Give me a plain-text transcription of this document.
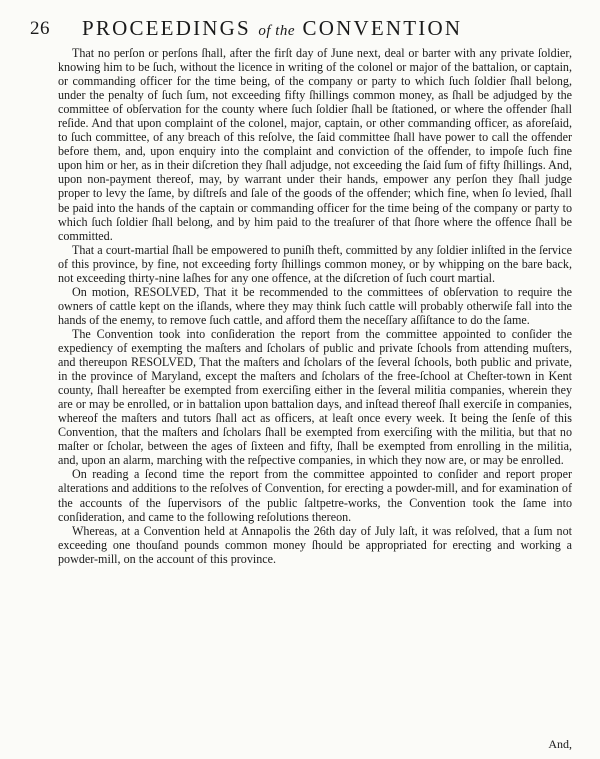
26 PROCEEDINGS of the CONVENTION

That no perſon or perſons ſhall, after the firſt day of June next, deal or barter with any private ſoldier, knowing him to be ſuch, without the licence in writing of the colonel or major of the battalion, or captain, or commanding officer for the time being, of the company or party to which ſuch ſoldier ſhall belong, under the penalty of ſuch ſum, not exceeding fifty ſhillings common money, as ſhall be adjudged by the committee of obſervation for the county where ſuch ſoldier ſhall be ſtationed, or where the offender ſhall reſide. And that upon complaint of the colonel, major, captain, or other commanding officer, as aforeſaid, to ſuch committee, of any breach of this reſolve, the ſaid committee ſhall have power to call the offender before them, and, upon enquiry into the complaint and conviction of the offender, to impoſe ſuch fine upon him or her, as in their diſcretion they ſhall adjudge, not exceeding the ſaid ſum of fifty ſhillings. And, upon non-payment thereof, may, by warrant under their hands, empower any perſon they ſhall judge proper to levy the ſame, by diſtreſs and ſale of the goods of the offender; which fine, when ſo levied, ſhall be paid into the hands of the captain or commanding officer for the time being of the company or party to which ſuch ſoldier ſhall belong, and by him paid to the treaſurer of that ſhore where the offence ſhall be committed.

That a court-martial ſhall be empowered to puniſh theft, committed by any ſoldier inliſted in the ſervice of this province, by fine, not exceeding forty ſhillings common money, or by whipping on the bare back, not exceeding thirty-nine laſhes for any one offence, at the diſcretion of ſuch court martial.

On motion, RESOLVED, That it be recommended to the committees of obſervation to require the owners of cattle kept on the iſlands, where they may think ſuch cattle will probably otherwiſe fall into the hands of the enemy, to remove ſuch cattle, and afford them the neceſſary aſſiſtance to do the ſame.

The Convention took into conſideration the report from the committee appointed to conſider the expediency of exempting the maſters and ſcholars of public and private ſchools from attending muſters, and thereupon RESOLVED, That the maſters and ſcholars of the ſeveral ſchools, both public and private, in the province of Maryland, except the maſters and ſcholars of the free-ſchool at Cheſter-town in Kent county, ſhall hereafter be exempted from exerciſing either in the ſeveral militia companies, wherein they are or may be enrolled, or in battalion upon battalion days, and inſtead thereof ſhall exerciſe in companies, whereof the maſters and tutors ſhall act as officers, at leaſt once every week. It being the ſenſe of this Convention, that the maſters and ſcholars ſhall be exempted from exerciſing with the militia, but that no maſter or ſcholar, between the ages of ſixteen and fifty, ſhall be exempted from enrolling in the militia, and, upon an alarm, marching with the reſpective companies, in which they now are, or may be enrolled.

On reading a ſecond time the report from the committee appointed to conſider and report proper alterations and additions to the reſolves of Convention, for erecting a powder-mill, and for examination of the accounts of the ſupervisors of the public ſaltpetre-works, the Convention took the ſame into conſideration, and came to the following reſolutions thereon.

Whereas, at a Convention held at Annapolis the 26th day of July laſt, it was reſolved, that a ſum not exceeding one thouſand pounds common money ſhould be appropriated for erecting and working a powder-mill, on the account of this province.

And,
